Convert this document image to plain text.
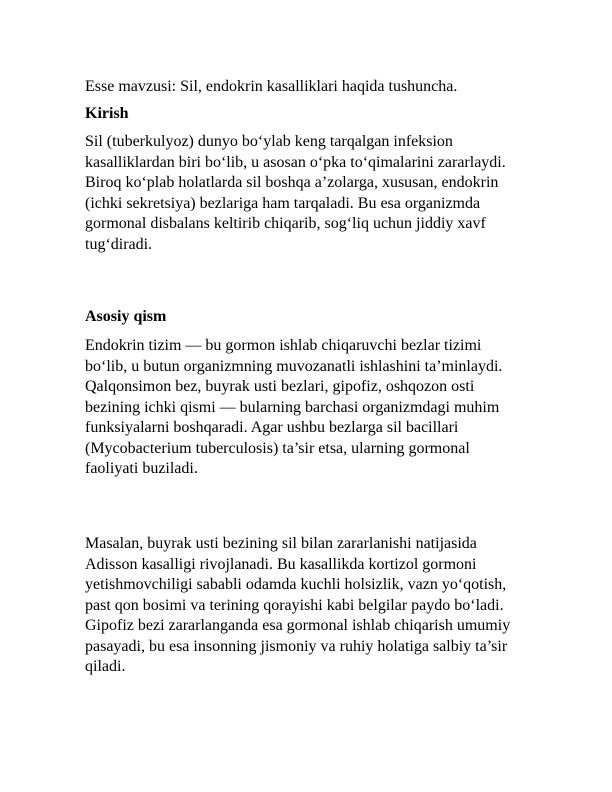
Esse mavzusi: Sil, endokrin kasalliklari haqida tushuncha.

Kirish

Sil (tuberkulyoz) dunyo bo‘ylab keng tarqalgan infeksion
kasalliklardan biri bo‘lib, u asosan o‘pka to‘qimalarini zararlaydi.
Biroq ko‘plab holatlarda sil boshqa a’zolarga, xususan, endokrin
(ichki sekretsiya) bezlariga ham tarqaladi. Bu esa organizmda
gormonal disbalans keltirib chiqarib, sog‘liq uchun jiddiy xavf
tug‘diradi.

Asosiy qism

Endokrin tizim — bu gormon ishlab chiqaruvchi bezlar tizimi
bo‘lib, u butun organizmning muvozanatli ishlashini ta’minlaydi.
Qalqonsimon bez, buyrak usti bezlari, gipofiz, oshqozon osti
bezining ichki qismi — bularning barchasi organizmdagi muhim
funksiyalarni boshqaradi. Agar ushbu bezlarga sil bacillari
(Mycobacterium tuberculosis) ta’sir etsa, ularning gormonal
faoliyati buziladi.

Masalan, buyrak usti bezining sil bilan zararlanishi natijasida
Adisson kasalligi rivojlanadi. Bu kasallikda kortizol gormoni
yetishmovchiligi sababli odamda kuchli holsizlik, vazn yo‘qotish,
past qon bosimi va terining qorayishi kabi belgilar paydo bo‘ladi.
Gipofiz bezi zararlanganda esa gormonal ishlab chiqarish umumiy
pasayadi, bu esa insonning jismoniy va ruhiy holatiga salbiy ta’sir
qiladi.
